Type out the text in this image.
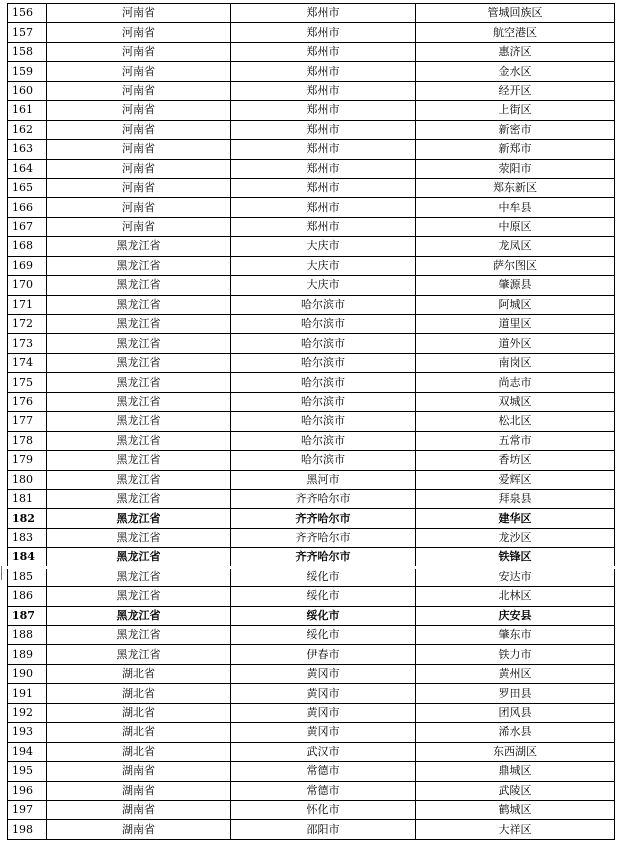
156	河南省	郑州市	管城回族区
157	河南省	郑州市	航空港区
158	河南省	郑州市	惠济区
159	河南省	郑州市	金水区
160	河南省	郑州市	经开区
161	河南省	郑州市	上街区
162	河南省	郑州市	新密市
163	河南省	郑州市	新郑市
164	河南省	郑州市	荥阳市
165	河南省	郑州市	郑东新区
166	河南省	郑州市	中牟县
167	河南省	郑州市	中原区
168	黑龙江省	大庆市	龙凤区
169	黑龙江省	大庆市	萨尔图区
170	黑龙江省	大庆市	肇源县
171	黑龙江省	哈尔滨市	阿城区
172	黑龙江省	哈尔滨市	道里区
173	黑龙江省	哈尔滨市	道外区
174	黑龙江省	哈尔滨市	南岗区
175	黑龙江省	哈尔滨市	尚志市
176	黑龙江省	哈尔滨市	双城区
177	黑龙江省	哈尔滨市	松北区
178	黑龙江省	哈尔滨市	五常市
179	黑龙江省	哈尔滨市	香坊区
180	黑龙江省	黑河市	爱辉区
181	黑龙江省	齐齐哈尔市	拜泉县
182	黑龙江省	齐齐哈尔市	建华区
183	黑龙江省	齐齐哈尔市	龙沙区
184	黑龙江省	齐齐哈尔市	铁锋区
185	黑龙江省	绥化市	安达市
186	黑龙江省	绥化市	北林区
187	黑龙江省	绥化市	庆安县
188	黑龙江省	绥化市	肇东市
189	黑龙江省	伊春市	铁力市
190	湖北省	黄冈市	黄州区
191	湖北省	黄冈市	罗田县
192	湖北省	黄冈市	团风县
193	湖北省	黄冈市	浠水县
194	湖北省	武汉市	东西湖区
195	湖南省	常德市	鼎城区
196	湖南省	常德市	武陵区
197	湖南省	怀化市	鹤城区
198	湖南省	邵阳市	大祥区
